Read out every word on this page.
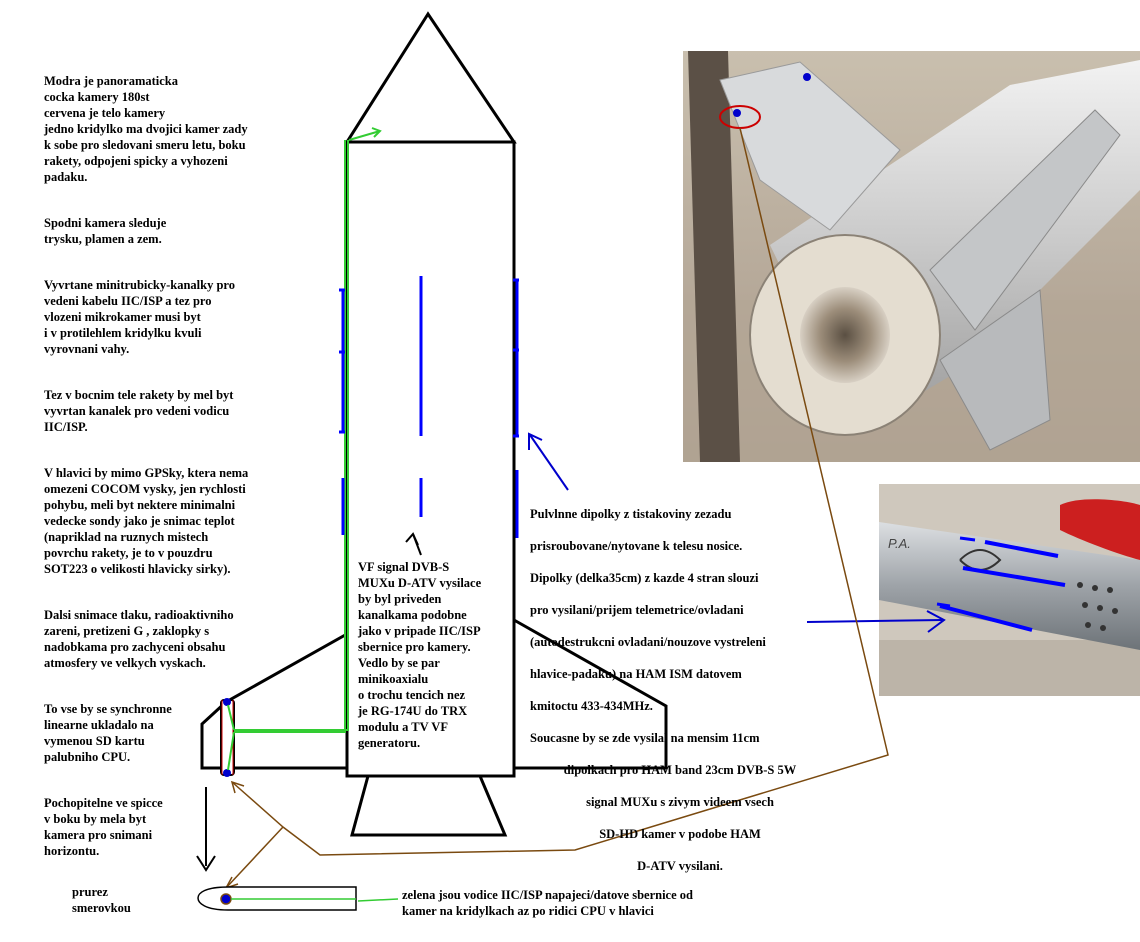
P.A.

Modra je panoramaticka
cocka kamery 180st
cervena je telo kamery
jedno kridylko ma dvojici kamer zady
k sobe pro sledovani smeru letu, boku
rakety, odpojeni spicky a vyhozeni
padaku.

Spodni kamera sleduje
trysku, plamen a zem.

Vyvrtane minitrubicky-kanalky pro
vedeni kabelu IIC/ISP a tez pro
vlozeni mikrokamer musi byt
i v protilehlem kridylku kvuli
vyrovnani vahy.

Tez v bocnim tele rakety by mel byt
vyvrtan kanalek pro vedeni vodicu
IIC/ISP.

V hlavici by mimo GPSky, ktera nema
omezeni COCOM vysky, jen rychlosti
pohybu, meli byt nektere minimalni
vedecke sondy jako je snimac teplot
(napriklad na ruznych mistech
povrchu rakety, je to v pouzdru
SOT223 o velikosti hlavicky sirky).

Dalsi snimace tlaku, radioaktivniho
zareni, pretizeni G , zaklopky s
nadobkama pro zachyceni obsahu
atmosfery ve velkych vyskach.

To vse by se synchronne
linearne ukladalo na
vymenou SD kartu
palubniho CPU.

Pochopitelne ve spicce
v boku by mela byt
kamera pro snimani
horizontu.

VF signal DVB-S
MUXu D-ATV vysilace
by byl priveden
kanalkama podobne
jako v pripade IIC/ISP
sbernice pro kamery.
Vedlo by se par
minikoaxialu
o trochu tencich nez
je RG-174U do TRX
modulu a TV VF
generatoru.

Pulvlnne dipolky z tistakoviny zezadu

prisroubovane/nytovane k telesu nosice.

Dipolky (delka35cm) z kazde 4 stran slouzi

pro vysilani/prijem telemetrice/ovladani

(autodestrukcni ovladani/nouzove vystreleni

hlavice-padaku) na HAM ISM datovem

kmitoctu 433-434MHz.

Soucasne by se zde vysilal na mensim 11cm

dipolkach pro HAM band 23cm DVB-S 5W

signal MUXu s zivym videem vsech

SD-HD kamer v podobe HAM

D-ATV vysilani.

prurez
smerovkou
zelena jsou vodice IIC/ISP napajeci/datove sbernice od
kamer na kridylkach az po ridici CPU v hlavici
